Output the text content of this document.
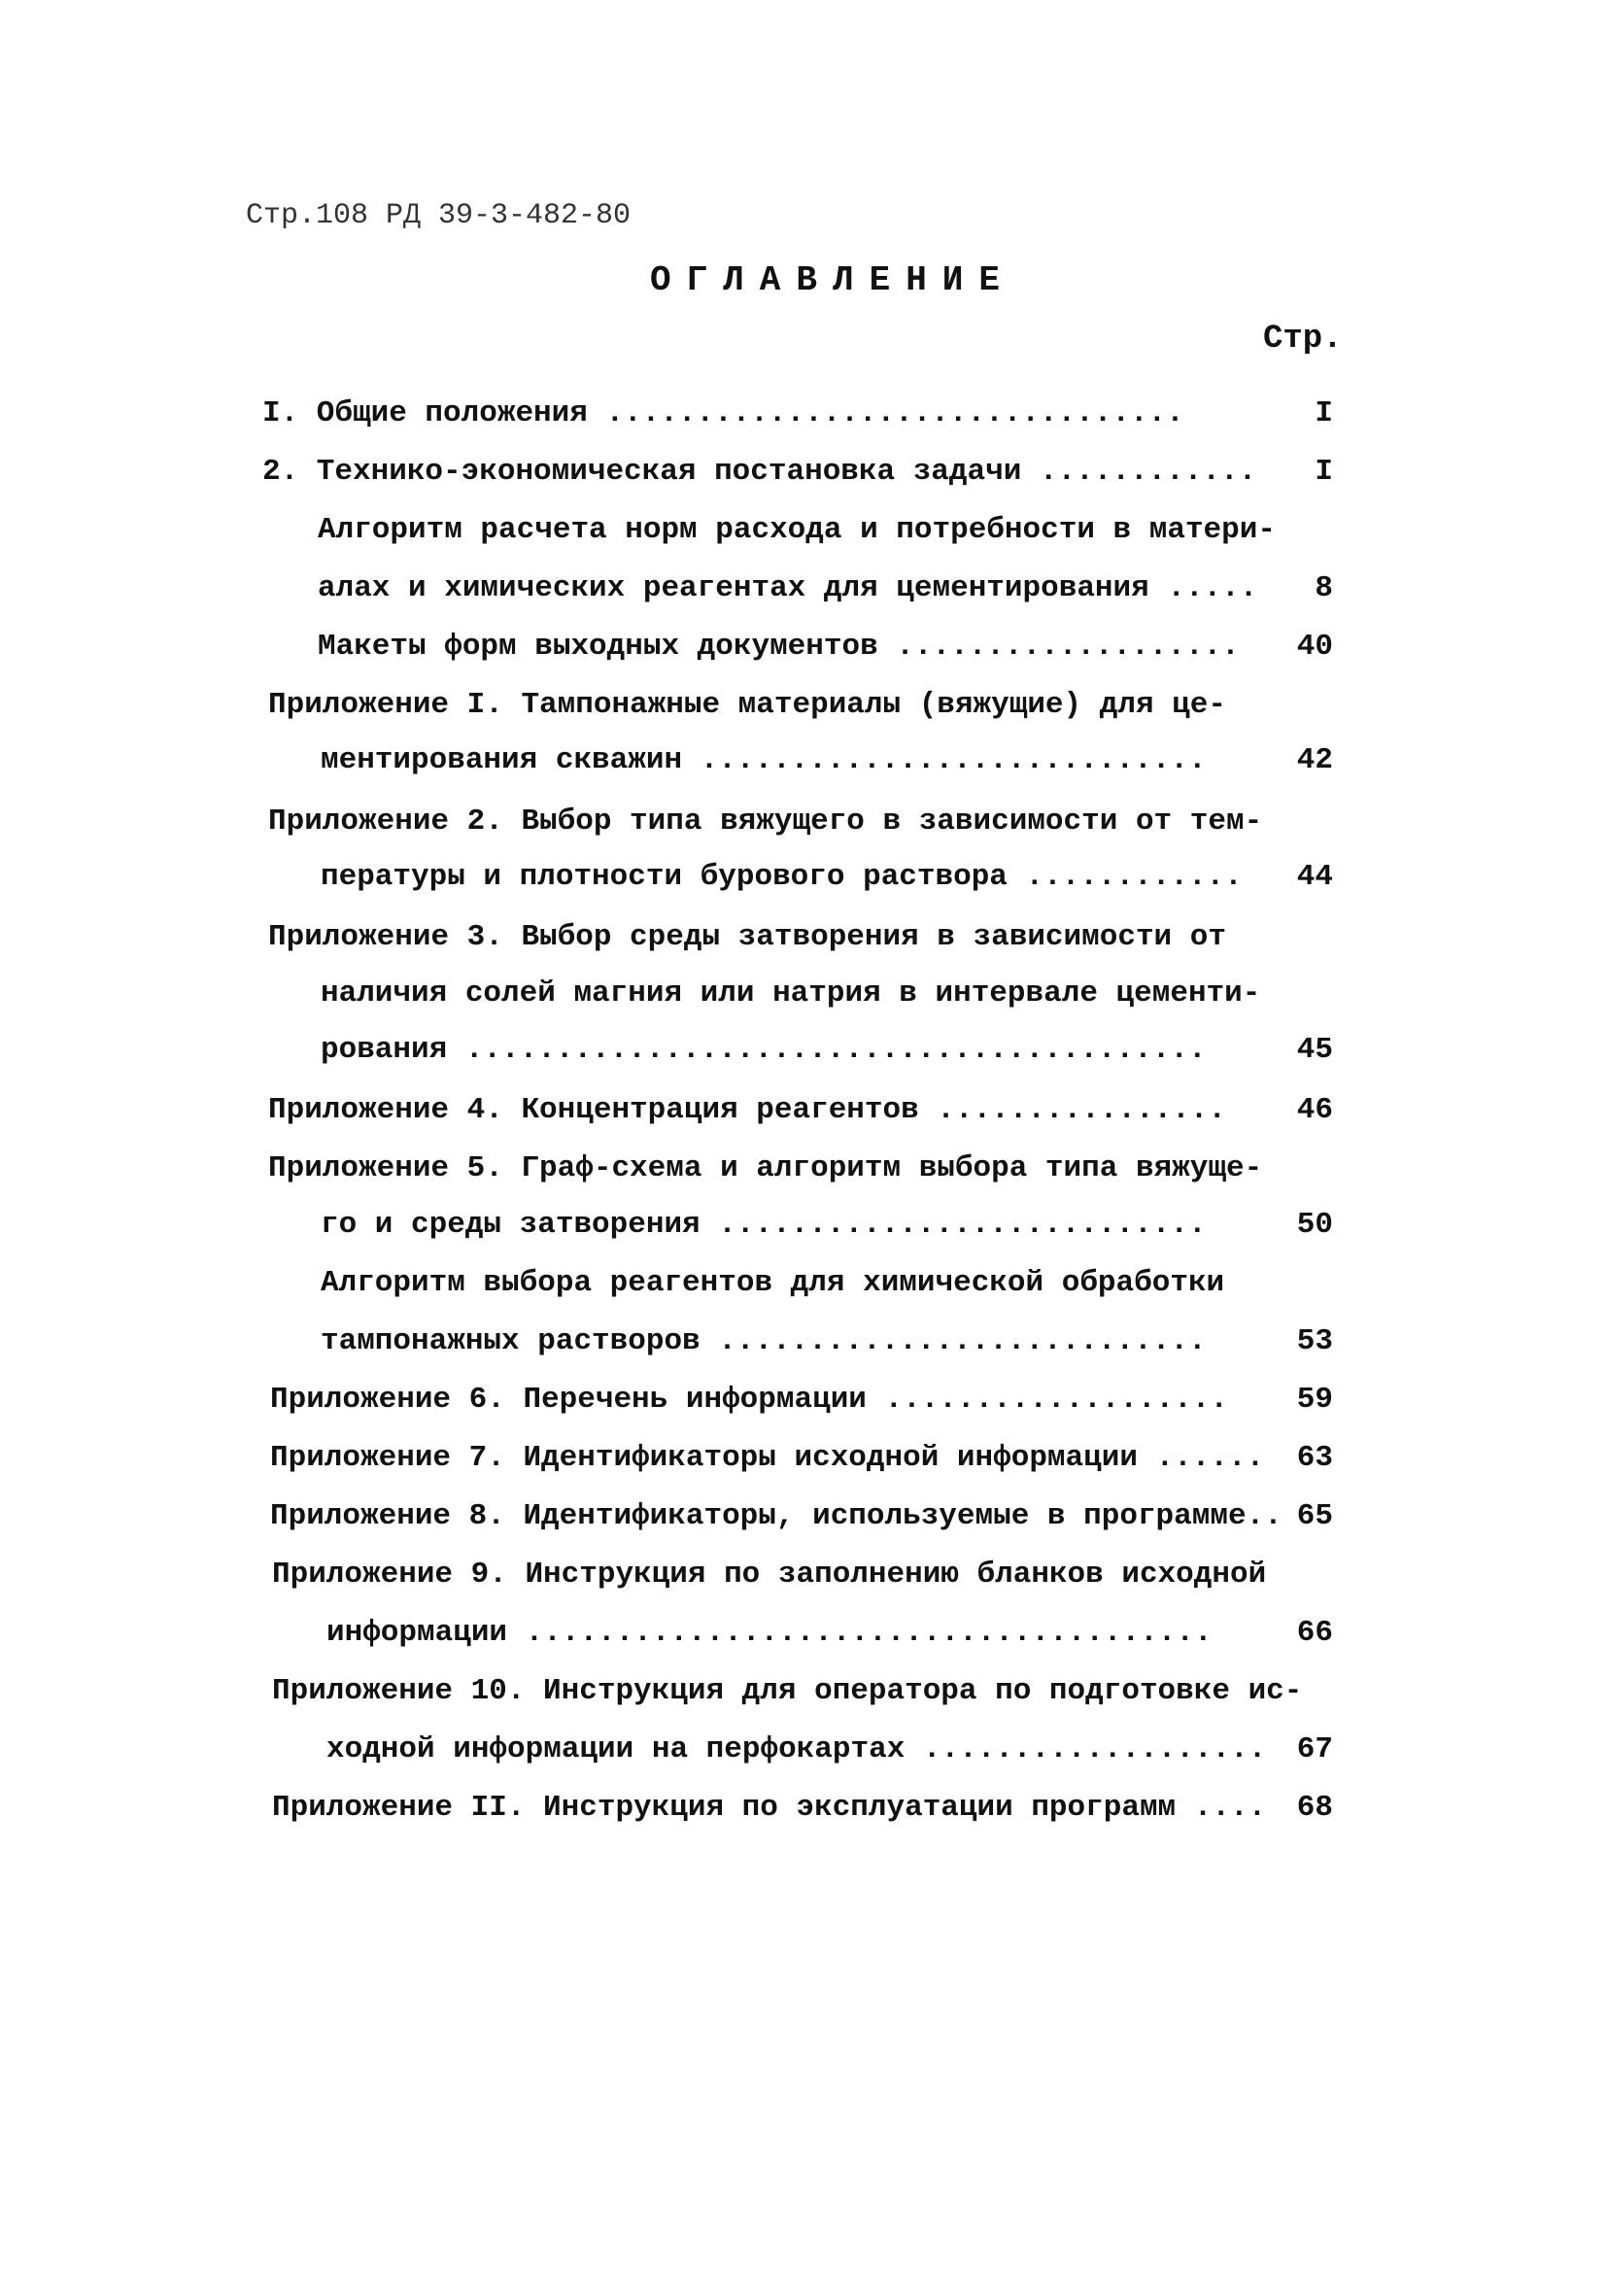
Стр.108 РД 39-3-482-80
ОГЛАВЛЕНИЕ
Стр.
I. Общие положения ................................	I
2. Технико-экономическая постановка задачи ............	I
Алгоритм расчета норм расхода и потребности в матери-
алах и химических реагентах для цементирования .....	8
Макеты форм выходных документов ...................	40
Приложение I. Тампонажные материалы (вяжущие) для це-
ментирования скважин ............................	42
Приложение 2. Выбор типа вяжущего в зависимости от тем-
пературы и плотности бурового раствора ............	44
Приложение 3. Выбор среды затворения в зависимости от
наличия солей магния или натрия в интервале цементи-
рования .........................................	45
Приложение 4. Концентрация реагентов ................	46
Приложение 5. Граф-схема и алгоритм выбора типа вяжуще-
го и среды затворения ...........................	50
Алгоритм выбора реагентов для химической обработки
тампонажных растворов ...........................	53
Приложение 6. Перечень информации ...................	59
Приложение 7. Идентификаторы исходной информации ......	63
Приложение 8. Идентификаторы, используемые в программе.. 65
Приложение 9. Инструкция по заполнению бланков исходной
информации ......................................	66
Приложение 10. Инструкция для оператора по подготовке ис-
ходной информации на перфокартах ...................	67
Приложение II. Инструкция по эксплуатации программ ....	68
